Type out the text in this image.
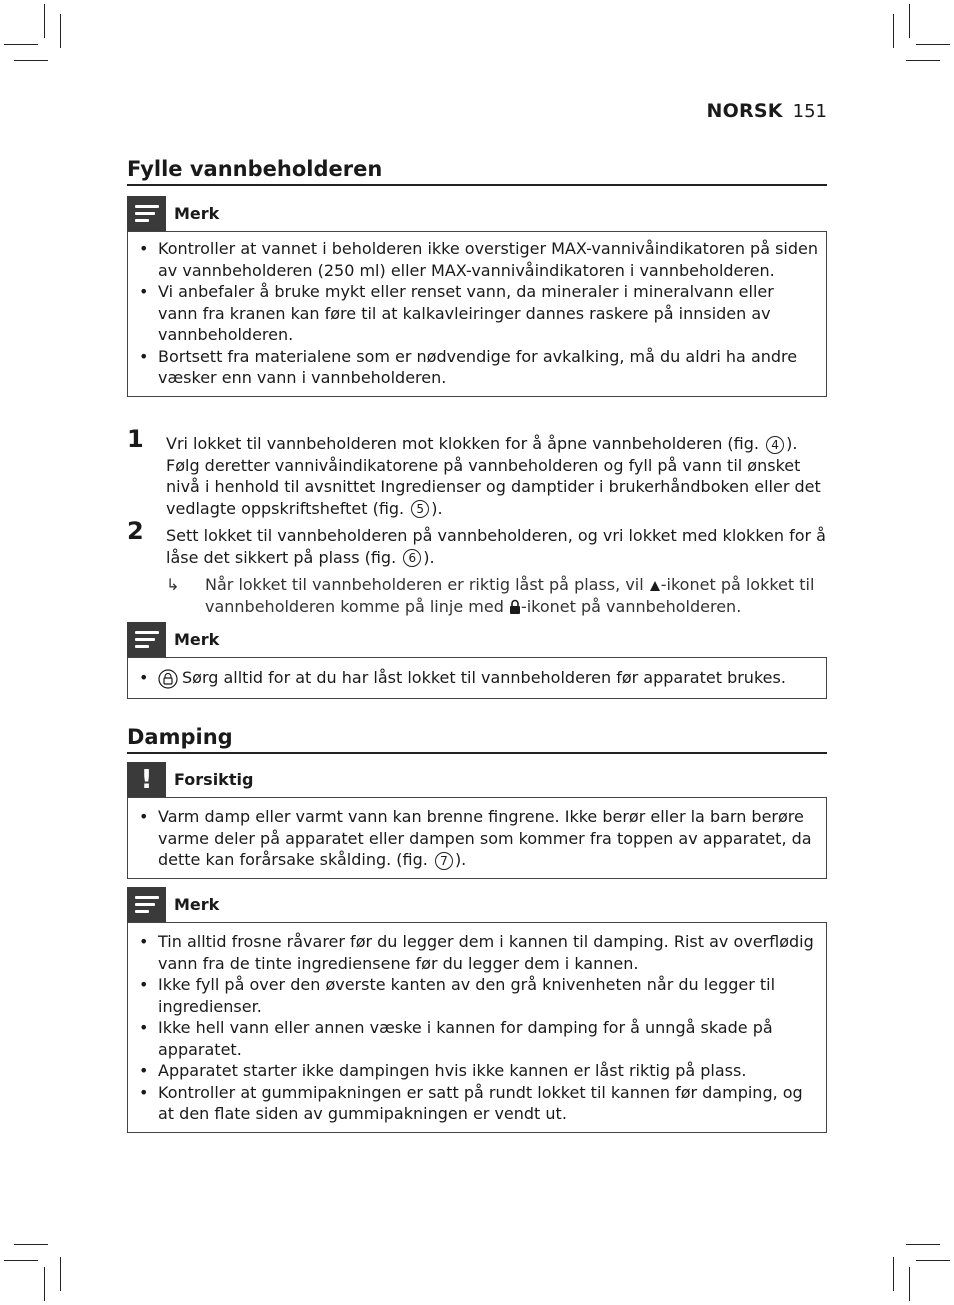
NORSK 151
Fylle vannbeholderen
Merk
• Kontroller at vannet i beholderen ikke overstiger MAX-vannivåindikatoren på siden av vannbeholderen (250 ml) eller MAX-vannivåindikatoren i vannbeholderen.
• Vi anbefaler å bruke mykt eller renset vann, da mineraler i mineralvann eller vann fra kranen kan føre til at kalkavleiringer dannes raskere på innsiden av vannbeholderen.
• Bortsett fra materialene som er nødvendige for avkalking, må du aldri ha andre væsker enn vann i vannbeholderen.
1 Vri lokket til vannbeholderen mot klokken for å åpne vannbeholderen (fig. 4 ). Følg deretter vannivåindikatorene på vannbeholderen og fyll på vann til ønsket nivå i henhold til avsnittet Ingredienser og damptider i brukerhåndboken eller det vedlagte oppskriftsheftet (fig. 5 ).
2 Sett lokket til vannbeholderen på vannbeholderen, og vri lokket med klokken for å låse det sikkert på plass (fig. 6 ).
↳ Når lokket til vannbeholderen er riktig låst på plass, vil -ikonet på lokket til vannbeholderen komme på linje med -ikonet på vannbeholderen.
Merk
• Sørg alltid for at du har låst lokket til vannbeholderen før apparatet brukes.
Damping
!	Forsiktig
• Varm damp eller varmt vann kan brenne fingrene. Ikke berør eller la barn berøre varme deler på apparatet eller dampen som kommer fra toppen av apparatet, da dette kan forårsake skålding. (fig. 7 ).
Merk
• Tin alltid frosne råvarer før du legger dem i kannen til damping. Rist av overflødig vann fra de tinte ingrediensene før du legger dem i kannen.
• Ikke fyll på over den øverste kanten av den grå knivenheten når du legger til ingredienser.
• Ikke hell vann eller annen væske i kannen for damping for å unngå skade på apparatet.
• Apparatet starter ikke dampingen hvis ikke kannen er låst riktig på plass.
• Kontroller at gummipakningen er satt på rundt lokket til kannen før damping, og at den flate siden av gummipakningen er vendt ut.
